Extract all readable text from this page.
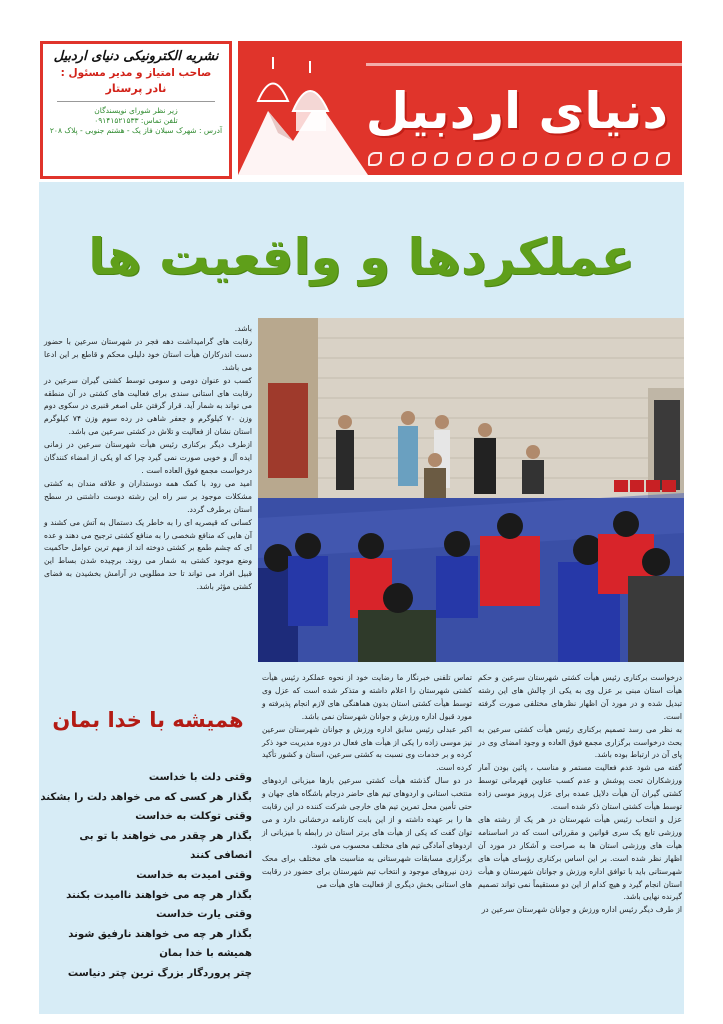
دنیای اردبیل
نشریه الکترونیکی دنیای اردبیل
صاحب امتیاز و مدیر مسئول :
نادر پرستار
زیر نظر شورای نویسندگان
تلفن تماس: ۰۹۱۴۱۵۲۱۵۳۳
آدرس : شهرک سبلان فاز یک - هشتم جنوبی - پلاک ۲۰۸
عملکردها و واقعیت ها

باشد.

رقابت های گرامیداشت دهه فجر در شهرستان سرعین با حضور دست اندرکاران هیأت استان خود دلیلی محکم و قاطع بر این ادعا می باشد.

کسب دو عنوان دومی و سومی توسط کشتی گیران سرعین در رقابت های استانی سندی برای فعالیت های کشتی در آن منطقه می تواند به شمار آید. قرار گرفتن علی اصغر قنبری در سکوی دوم وزن ۷۰ کیلوگرم و جعفر شاهی در رده سوم وزن ۷۴ کیلوگرم استان نشان از فعالیت و تلاش در کشتی سرعین می باشد.

ازطرف دیگر برکناری رئیس هیأت شهرستان سرعین در زمانی ایده آل و خوبی صورت نمی گیرد چرا که او یکی از امضاء کنندگان درخواست مجمع فوق العاده است .

امید می رود با کمک همه دوستداران و علاقه مندان به کشتی مشکلات موجود بر سر راه این رشته دوست داشتنی در سطح استان برطرف گردد.

کسانی که قیصریه ای را به خاطر یک دستمال به آتش می کشند و آن هایی که منافع شخصی را به منافع کشتی ترجیح می دهند و عده ای که چشم طمع بر کشتی دوخته اند از مهم ترین عوامل حاکمیت وضع موجود کشتی به شمار می روند. برچیده شدن بساط این قبیل افراد می تواند تا حد مطلوبی در آرامش بخشیدن به فضای کشتی مؤثر باشد.

همیشه با خدا بمان
وقتی دلت با خداست
بگذار هر کسی که می خواهد دلت را بشکند
وقتی توکلت به خداست
بگذار هر چقدر می خواهند با تو بی انصافی کنند
وقتی امیدت به خداست
بگذار هر چه می خواهند ناامیدت بکنند
وقتی یارت خداست
بگذار هر چه می خواهند نارفیق شوند
همیشه با خدا بمان
چتر پروردگار بزرگ ترین چتر دنیاست

تماس تلفنی خبرنگار ما رضایت خود از نحوه عملکرد رئیس هیأت کشتی شهرستان را اعلام داشته و متذکر شده است که عزل وی توسط هیأت کشتی استان بدون هماهنگی های لازم انجام پذیرفته و مورد قبول اداره ورزش و جوانان شهرستان نمی باشد.

اکبر عبدلی رئیس سابق اداره ورزش و جوانان شهرستان سرعین نیز موسی زاده را یکی از هیأت های فعال در دوره مدیریت خود ذکر کرده و بر خدمات وی نسبت به کشتی سرعین، استان و کشور تأکید کرده است.

در دو سال گذشته هیأت کشتی سرعین بارها میزبانی اردوهای منتخب استانی و اردوهای تیم های حاضر درجام باشگاه های جهان و حتی تأمین محل تمرین تیم های خارجی شرکت کننده در این رقابت ها را بر عهده داشته و از این بابت کارنامه درخشانی دارد و می توان گفت که یکی از هیأت های برتر استان در رابطه با میزبانی از اردوهای آمادگی تیم های مختلف محسوب می شود.

برگزاری مسابقات شهرستانی به مناسبت های مختلف برای محک زدن نیروهای موجود و انتخاب تیم شهرستان برای حضور در رقابت های استانی بخش دیگری از فعالیت های هیأت می

درخواست برکناری رئیس هیأت کشتی شهرستان سرعین و حکم هیأت استان مبنی بر عزل وی به یکی از چالش های این رشته تبدیل شده و در مورد آن اظهار نظرهای مختلفی صورت گرفته است.

به نظر می رسد تصمیم برکناری رئیس هیأت کشتی سرعین به بحث درخواست برگزاری مجمع فوق العاده و وجود امضای وی در پای آن در ارتباط بوده باشد.

گفته می شود عدم فعالیت مستمر و مناسب ، پائین بودن آمار ورزشکاران تحت پوشش و عدم کسب عناوین قهرمانی توسط کشتی گیران آن هیأت دلایل عمده برای عزل پرویز موسی زاده توسط هیأت کشتی استان ذکر شده است.

عزل و انتخاب رئیس هیأت شهرستان در هر یک از رشته های ورزشی تابع یک سری قوانین و مقرراتی است که در اساسنامه هیأت های ورزشی استان ها به صراحت و آشکار در مورد آن اظهار نظر شده است. بر این اساس برکناری رؤسای هیأت های شهرستانی باید با توافق اداره ورزش و جوانان شهرستان و هیأت استان انجام گیرد و هیچ کدام از این دو مستقیماً نمی تواند تصمیم گیرنده نهایی باشد.

از طرف دیگر رئیس اداره ورزش و جوانان شهرستان سرعین در
